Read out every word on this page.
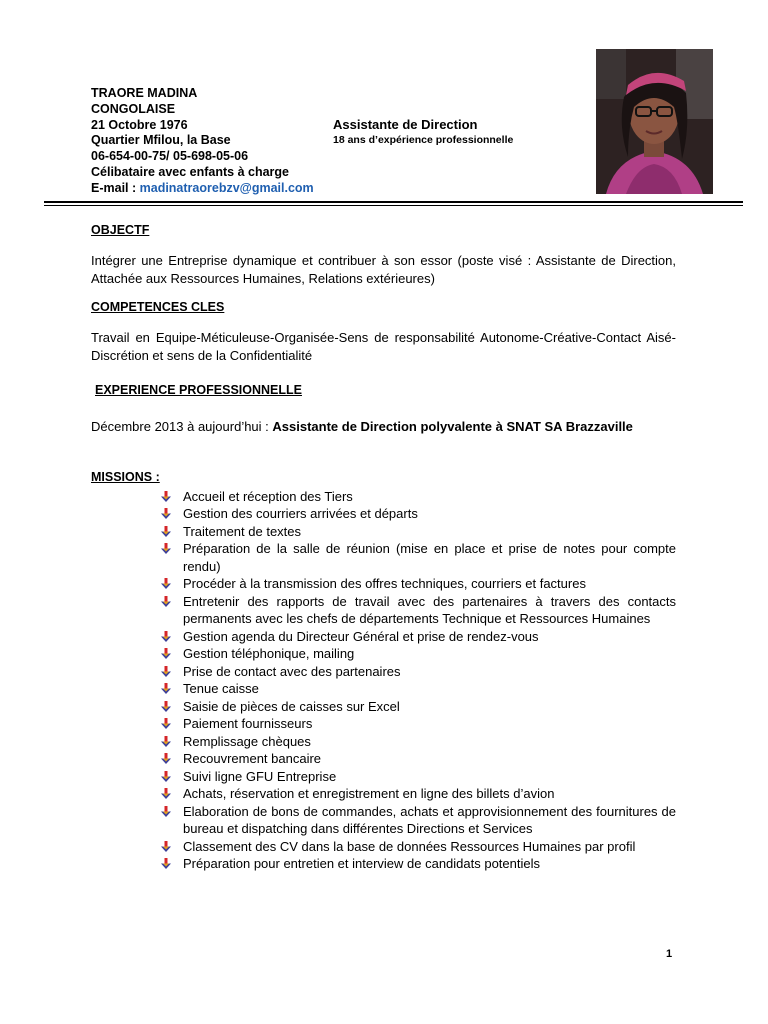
TRAORE MADINA
CONGOLAISE
21 Octobre 1976
Quartier Mfilou, la Base
06-654-00-75/ 05-698-05-06
Célibataire avec enfants à charge
E-mail : madinatraorebzv@gmail.com
Assistante de Direction
18 ans d’expérience professionnelle
OBJECTF
Intégrer une Entreprise dynamique et contribuer à son essor (poste visé : Assistante de Direction, Attachée aux Ressources Humaines, Relations extérieures)
COMPETENCES CLES
Travail en Equipe-Méticuleuse-Organisée-Sens de responsabilité Autonome-Créative-Contact Aisé-Discrétion et sens de la Confidentialité
EXPERIENCE PROFESSIONNELLE
Décembre 2013 à aujourd’hui : Assistante de Direction polyvalente à SNAT SA Brazzaville
MISSIONS :
Accueil et réception des Tiers
Gestion des courriers arrivées et départs
Traitement de textes
Préparation de la salle de réunion (mise en place et prise de notes pour compte rendu)
Procéder à la transmission des offres techniques, courriers et factures
Entretenir des rapports de travail avec des partenaires à travers des contacts permanents avec les chefs de départements Technique et Ressources Humaines
Gestion agenda du Directeur Général et prise de rendez-vous
Gestion téléphonique, mailing
Prise de contact avec des partenaires
Tenue caisse
Saisie de pièces de caisses sur Excel
Paiement fournisseurs
Remplissage chèques
Recouvrement bancaire
Suivi ligne GFU Entreprise
Achats, réservation et enregistrement en ligne des billets d’avion
Elaboration de bons de commandes, achats et approvisionnement des fournitures de bureau et dispatching dans différentes Directions et Services
Classement des CV dans la base de données Ressources Humaines par profil
Préparation pour entretien et interview de candidats potentiels
1
